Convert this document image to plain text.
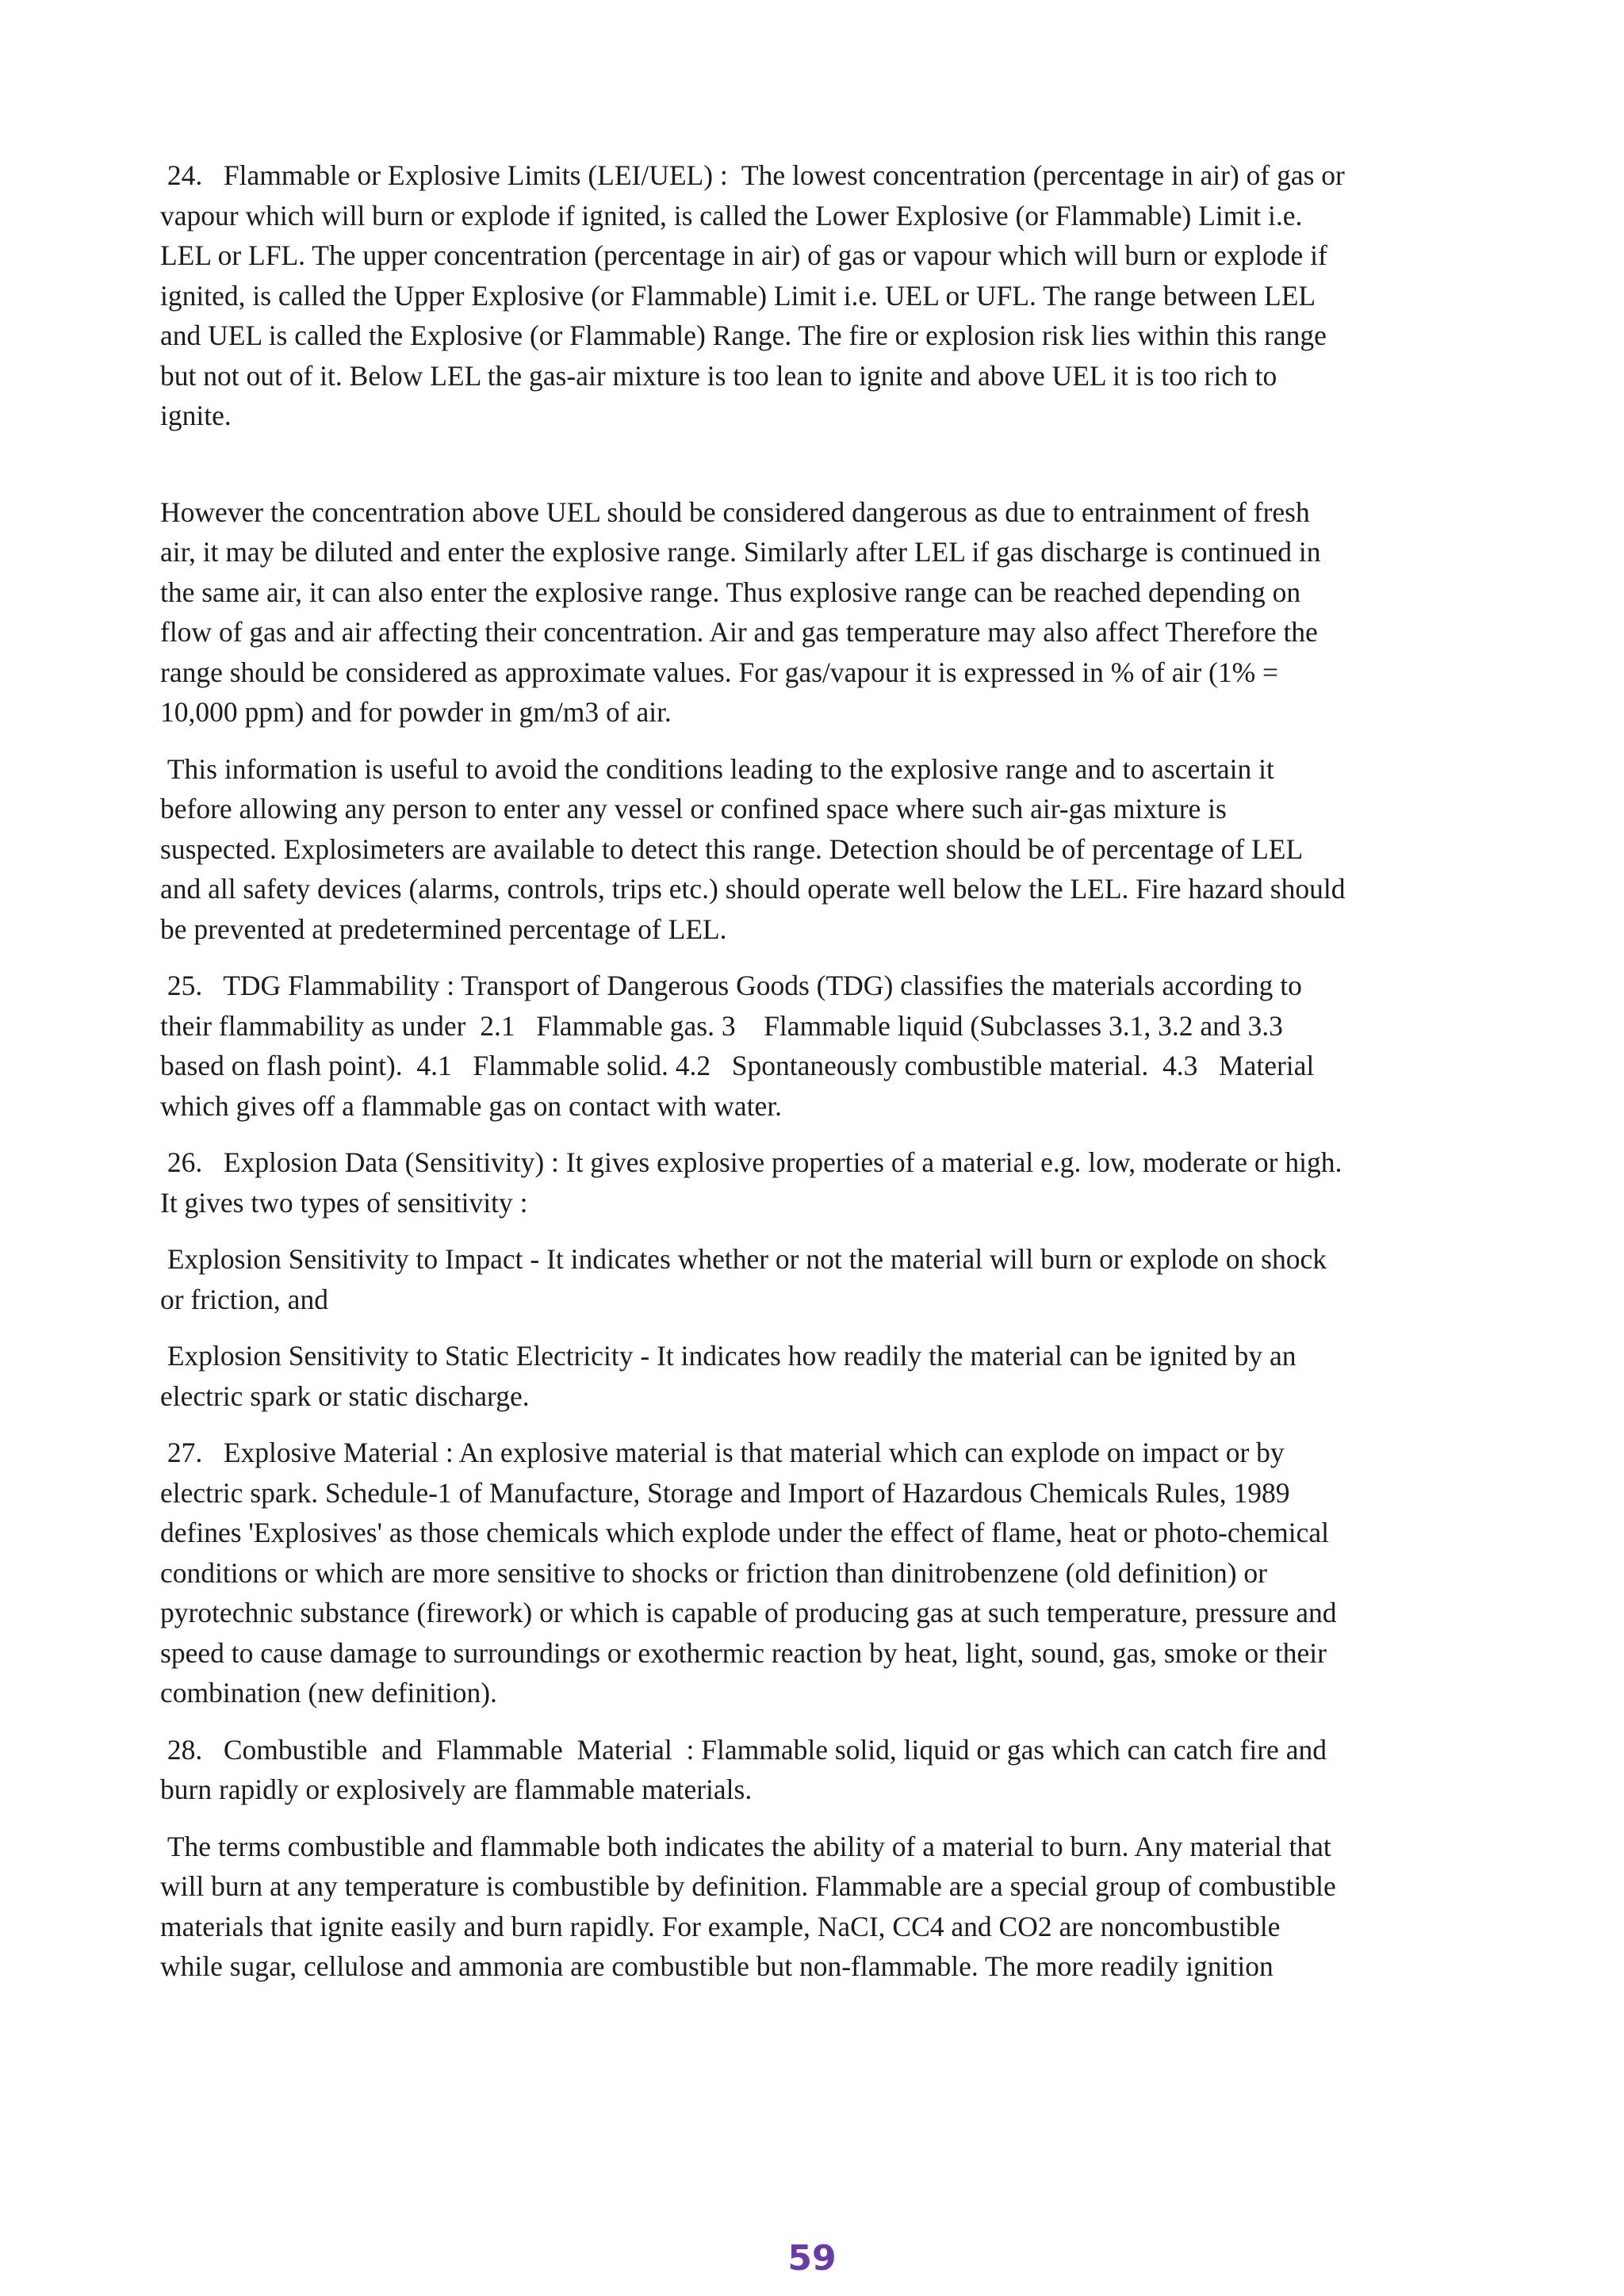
24.   Flammable or Explosive Limits (LEI/UEL) :  The lowest concentration (percentage in air) of gas or
vapour which will burn or explode if ignited, is called the Lower Explosive (or Flammable) Limit i.e.
LEL or LFL. The upper concentration (percentage in air) of gas or vapour which will burn or explode if
ignited, is called the Upper Explosive (or Flammable) Limit i.e. UEL or UFL. The range between LEL
and UEL is called the Explosive (or Flammable) Range. The fire or explosion risk lies within this range
but not out of it. Below LEL the gas-air mixture is too lean to ignite and above UEL it is too rich to
ignite.
However the concentration above UEL should be considered dangerous as due to entrainment of fresh
air, it may be diluted and enter the explosive range. Similarly after LEL if gas discharge is continued in
the same air, it can also enter the explosive range. Thus explosive range can be reached depending on
flow of gas and air affecting their concentration. Air and gas temperature may also affect Therefore the
range should be considered as approximate values. For gas/vapour it is expressed in % of air (1% =
10,000 ppm) and for powder in gm/m3 of air.
This information is useful to avoid the conditions leading to the explosive range and to ascertain it
before allowing any person to enter any vessel or confined space where such air-gas mixture is
suspected. Explosimeters are available to detect this range. Detection should be of percentage of LEL
and all safety devices (alarms, controls, trips etc.) should operate well below the LEL. Fire hazard should
be prevented at predetermined percentage of LEL.
25.   TDG Flammability : Transport of Dangerous Goods (TDG) classifies the materials according to
their flammability as under  2.1   Flammable gas. 3    Flammable liquid (Subclasses 3.1, 3.2 and 3.3
based on flash point).  4.1   Flammable solid. 4.2   Spontaneously combustible material.  4.3   Material
which gives off a flammable gas on contact with water.
26.   Explosion Data (Sensitivity) : It gives explosive properties of a material e.g. low, moderate or high.
It gives two types of sensitivity :
Explosion Sensitivity to Impact - It indicates whether or not the material will burn or explode on shock
or friction, and
Explosion Sensitivity to Static Electricity - It indicates how readily the material can be ignited by an
electric spark or static discharge.
27.   Explosive Material : An explosive material is that material which can explode on impact or by
electric spark. Schedule-1 of Manufacture, Storage and Import of Hazardous Chemicals Rules, 1989
defines 'Explosives' as those chemicals which explode under the effect of flame, heat or photo-chemical
conditions or which are more sensitive to shocks or friction than dinitrobenzene (old definition) or
pyrotechnic substance (firework) or which is capable of producing gas at such temperature, pressure and
speed to cause damage to surroundings or exothermic reaction by heat, light, sound, gas, smoke or their
combination (new definition).
28.   Combustible  and  Flammable  Material  : Flammable solid, liquid or gas which can catch fire and
burn rapidly or explosively are flammable materials.
The terms combustible and flammable both indicates the ability of a material to burn. Any material that
will burn at any temperature is combustible by definition. Flammable are a special group of combustible
materials that ignite easily and burn rapidly. For example, NaCI, CC4 and CO2 are noncombustible
while sugar, cellulose and ammonia are combustible but non-flammable. The more readily ignition
59
